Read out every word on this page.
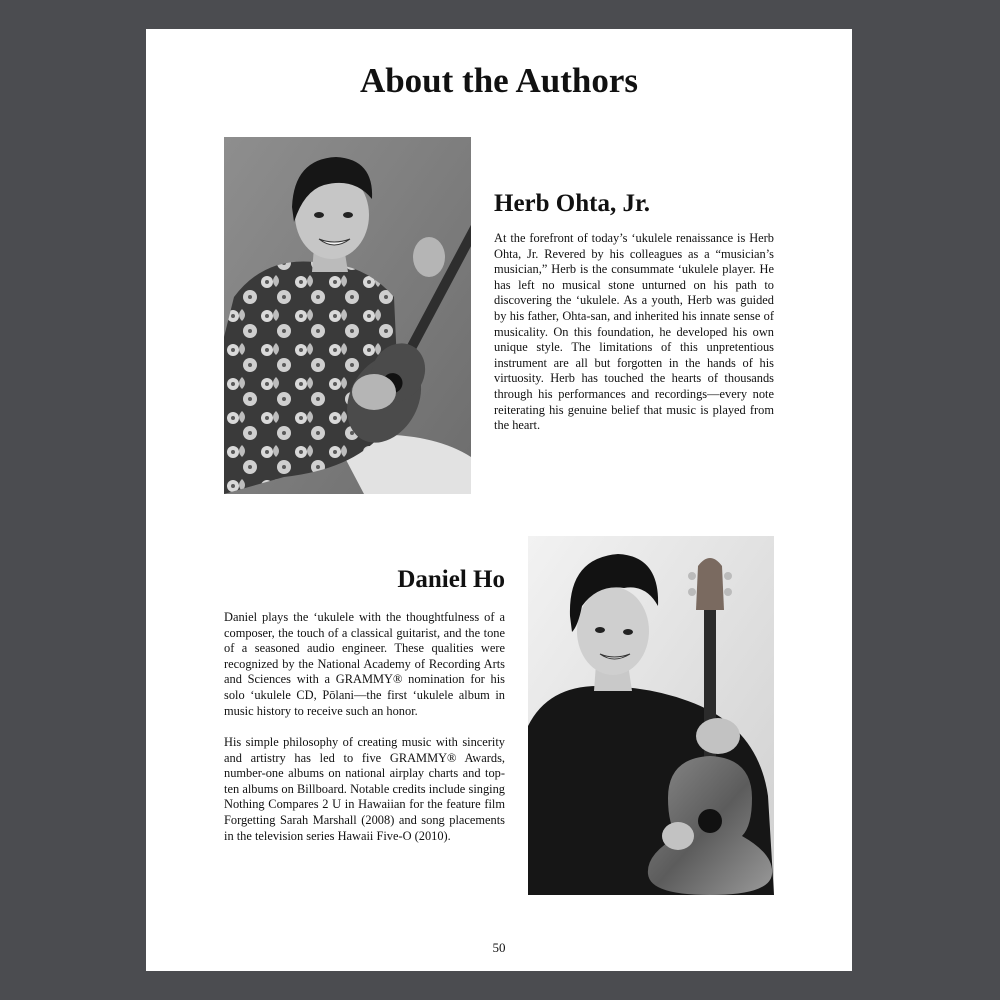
About the Authors
Herb Ohta, Jr.

At the forefront of today’s ‘ukulele renaissance is Herb Ohta, Jr. Revered by his colleagues as a “musician’s musician,” Herb is the consummate ‘ukulele player. He has left no musical stone unturned on his path to discovering the ‘ukulele. As a youth, Herb was guided by his father, Ohta-san, and inherited his innate sense of musicality. On this foundation, he developed his own unique style. The limitations of this unpretentious instrument are all but forgotten in the hands of his virtuosity. Herb has touched the hearts of thousands through his performances and recordings—every note reiterating his genuine belief that music is played from the heart.

Daniel Ho

Daniel plays the ‘ukulele with the thoughtfulness of a composer, the touch of a classical guitarist, and the tone of a seasoned audio engineer. These qualities were recognized by the National Academy of Recording Arts and Sciences with a GRAMMY® nomination for his solo ‘ukulele CD, Pōlani—the first ‘ukulele album in music history to receive such an honor.

His simple philosophy of creating music with sincerity and artistry has led to five GRAMMY® Awards, number-one albums on national airplay charts and top-ten albums on Billboard. Notable credits include singing Nothing Compares 2 U in Hawaiian for the feature film Forgetting Sarah Marshall (2008) and song placements in the television series Hawaii Five-O (2010).

50
